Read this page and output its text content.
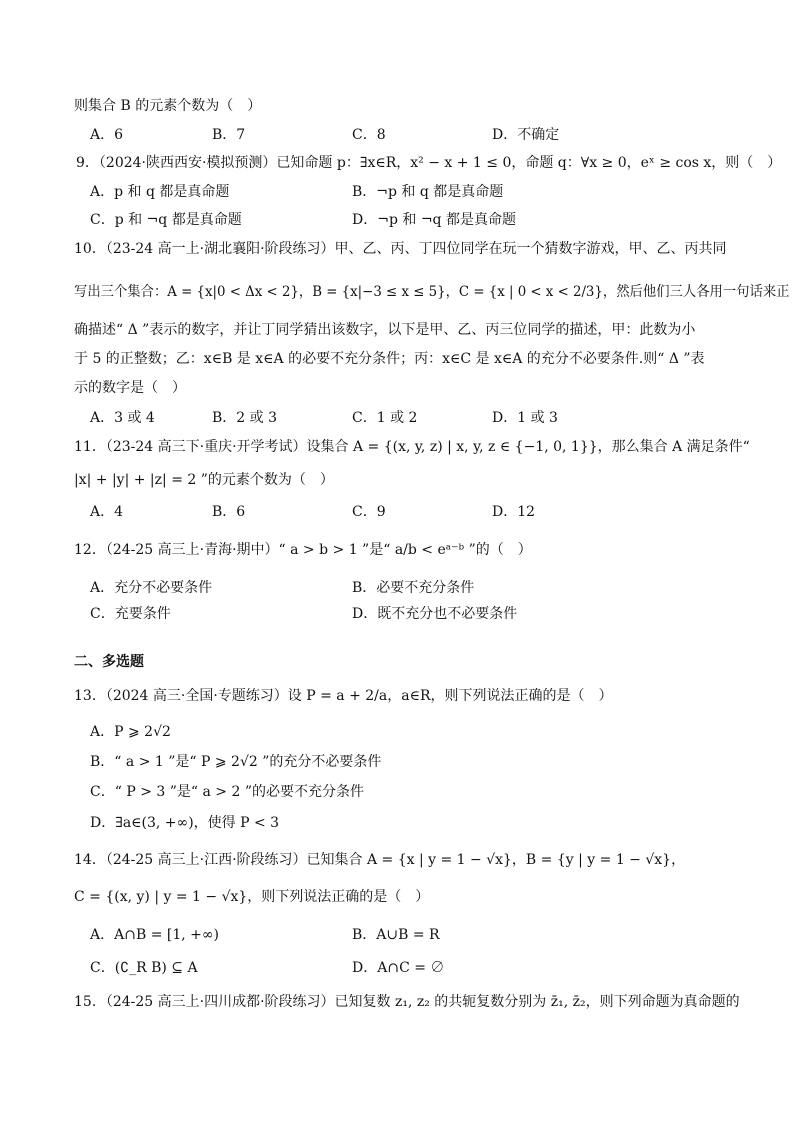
则集合 B 的元素个数为（　）
A．6	B．7	C．8	D．不确定
9．（2024·陕西西安·模拟预测）已知命题 p：∃x∈R，x² − x + 1 ≤ 0，命题 q：∀x ≥ 0，eˣ ≥ cos x，则（　）
A．p 和 q 都是真命题	B．¬p 和 q 都是真命题
C．p 和 ¬q 都是真命题	D．¬p 和 ¬q 都是真命题
10．（23-24 高一上·湖北襄阳·阶段练习）甲、乙、丙、丁四位同学在玩一个猜数字游戏，甲、乙、丙共同
写出三个集合：A = {x|0 < Δx < 2}，B = {x|−3 ≤ x ≤ 5}，C = {x | 0 < x < 2/3}，然后他们三人各用一句话来正
确描述“ Δ ”表示的数字，并让丁同学猜出该数字，以下是甲、乙、丙三位同学的描述，甲：此数为小
于 5 的正整数；乙：x∈B 是 x∈A 的必要不充分条件；丙：x∈C 是 x∈A 的充分不必要条件.则“ Δ ”表
示的数字是（　）
A．3 或 4	B．2 或 3	C．1 或 2	D．1 或 3
11．（23-24 高三下·重庆·开学考试）设集合 A = {(x, y, z) | x, y, z ∈ {−1, 0, 1}}，那么集合 A 满足条件“
|x| + |y| + |z| = 2 ”的元素个数为（　）
A．4	B．6	C．9	D．12
12．（24-25 高三上·青海·期中）“ a > b > 1 ”是“ a/b < eᵃ⁻ᵇ ”的（　）
A．充分不必要条件	B．必要不充分条件
C．充要条件	D．既不充分也不必要条件
二、多选题
13．（2024 高三·全国·专题练习）设 P = a + 2/a，a∈R，则下列说法正确的是（　）
A．P ⩾ 2√2
B．“ a > 1 ”是“ P ⩾ 2√2 ”的充分不必要条件
C．“ P > 3 ”是“ a > 2 ”的必要不充分条件
D．∃a∈(3, +∞)，使得 P < 3
14．（24-25 高三上·江西·阶段练习）已知集合 A = {x | y = 1 − √x}，B = {y | y = 1 − √x}，
C = {(x, y) | y = 1 − √x}，则下列说法正确的是（　）
A．A∩B = [1, +∞)	B．A∪B = R
C．(∁_R B) ⊆ A	D．A∩C = ∅
15．（24-25 高三上·四川成都·阶段练习）已知复数 z₁, z₂ 的共轭复数分别为 z̄₁, z̄₂，则下列命题为真命题的
